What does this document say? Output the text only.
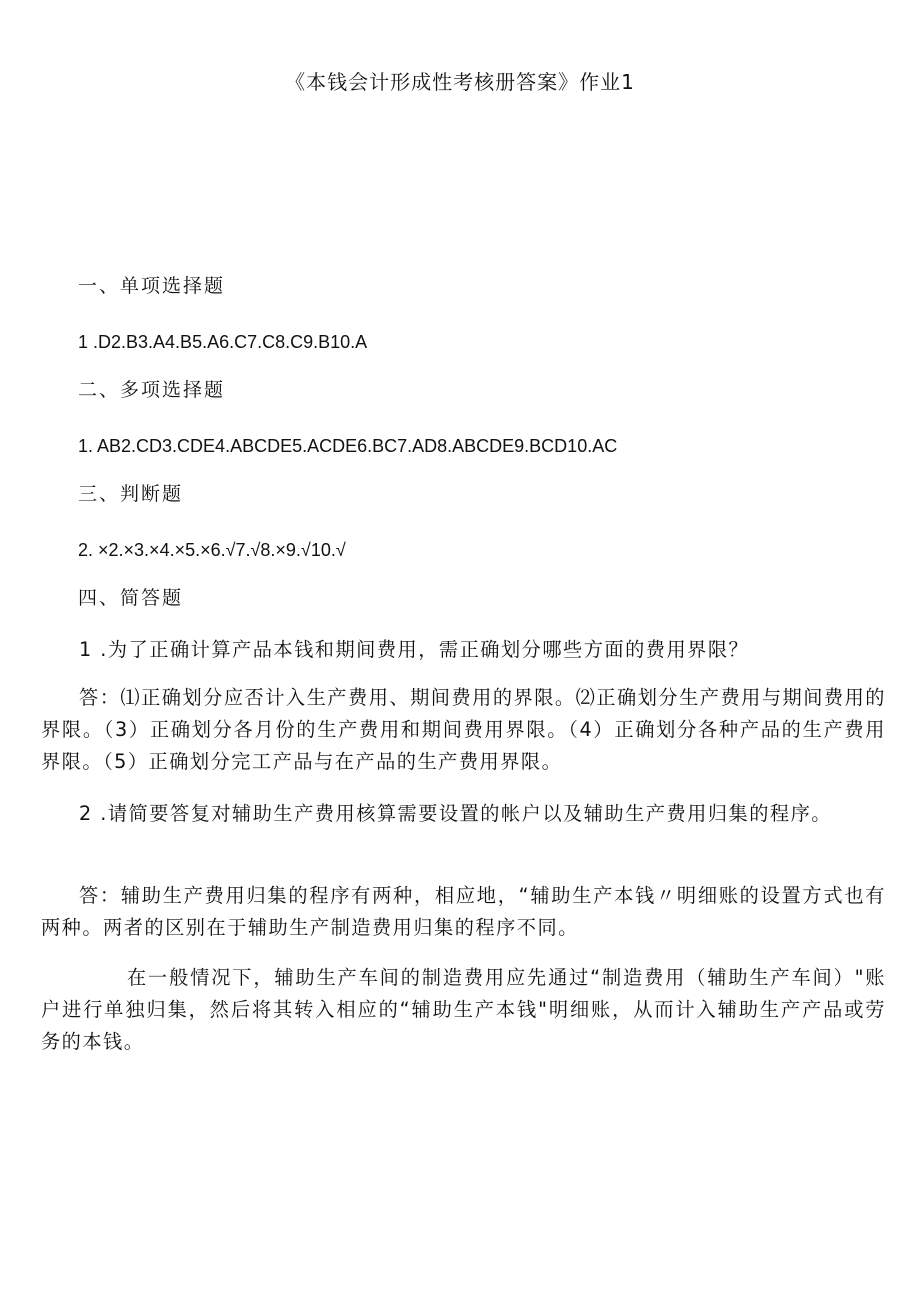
《本钱会计形成性考核册答案》作业1
一、单项选择题
1 .D2.B3.A4.B5.A6.C7.C8.C9.B10.A
二、多项选择题
1. AB2.CD3.CDE4.ABCDE5.ACDE6.BC7.AD8.ABCDE9.BCD10.AC
三、判断题
2. ×2.×3.×4.×5.×6.√7.√8.×9.√10.√
四、简答题
1 .为了正确计算产品本钱和期间费用，需正确划分哪些方面的费用界限？
答：⑴正确划分应否计入生产费用、期间费用的界限。⑵正确划分生产费用与期间费用的界限。（3）正确划分各月份的生产费用和期间费用界限。（4）正确划分各种产品的生产费用界限。（5）正确划分完工产品与在产品的生产费用界限。
2 .请简要答复对辅助生产费用核算需要设置的帐户以及辅助生产费用归集的程序。
答：辅助生产费用归集的程序有两种，相应地，“辅助生产本钱〃明细账的设置方式也有两种。两者的区别在于辅助生产制造费用归集的程序不同。
在一般情况下，辅助生产车间的制造费用应先通过“制造费用（辅助生产车间）"账户进行单独归集，然后将其转入相应的“辅助生产本钱"明细账，从而计入辅助生产产品或劳务的本钱。
